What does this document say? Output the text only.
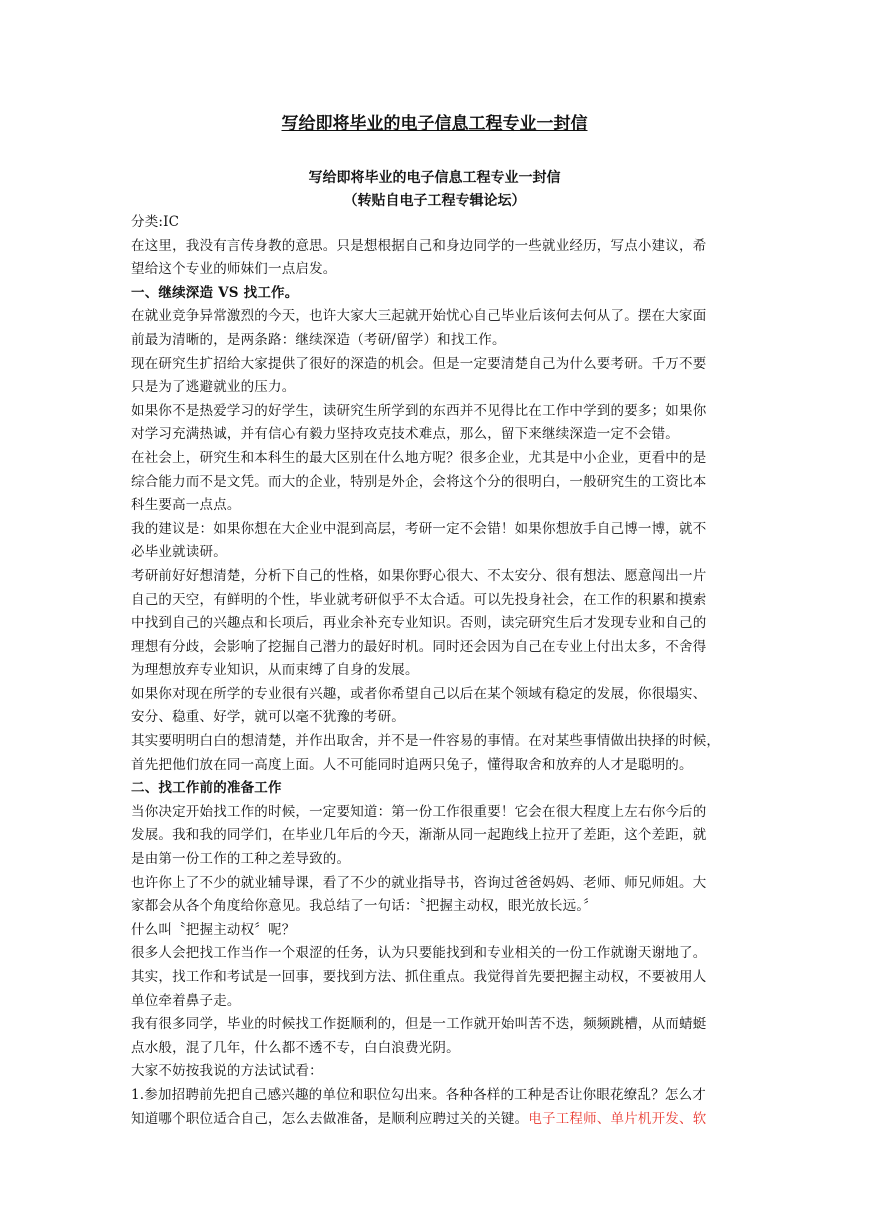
写给即将毕业的电子信息工程专业一封信
写给即将毕业的电子信息工程专业一封信
（转贴自电子工程专辑论坛）

分类:IC

在这里，我没有言传身教的意思。只是想根据自己和身边同学的一些就业经历，写点小建议，希

望给这个专业的师妹们一点启发。

一、继续深造 VS 找工作。

在就业竞争异常激烈的今天，也许大家大三起就开始忧心自己毕业后该何去何从了。摆在大家面

前最为清晰的，是两条路：继续深造（考研/留学）和找工作。

现在研究生扩招给大家提供了很好的深造的机会。但是一定要清楚自己为什么要考研。千万不要

只是为了逃避就业的压力。

如果你不是热爱学习的好学生，读研究生所学到的东西并不见得比在工作中学到的要多；如果你

对学习充满热诚，并有信心有毅力坚持攻克技术难点，那么，留下来继续深造一定不会错。

在社会上，研究生和本科生的最大区别在什么地方呢？很多企业，尤其是中小企业，更看中的是

综合能力而不是文凭。而大的企业，特别是外企，会将这个分的很明白，一般研究生的工资比本

科生要高一点点。

我的建议是：如果你想在大企业中混到高层，考研一定不会错！如果你想放手自己博一博，就不

必毕业就读研。

考研前好好想清楚，分析下自己的性格，如果你野心很大、不太安分、很有想法、愿意闯出一片

自己的天空，有鲜明的个性，毕业就考研似乎不太合适。可以先投身社会，在工作的积累和摸索

中找到自己的兴趣点和长项后，再业余补充专业知识。否则，读完研究生后才发现专业和自己的

理想有分歧，会影响了挖掘自己潜力的最好时机。同时还会因为自己在专业上付出太多，不舍得

为理想放弃专业知识，从而束缚了自身的发展。

如果你对现在所学的专业很有兴趣，或者你希望自己以后在某个领域有稳定的发展，你很塌实、

安分、稳重、好学，就可以毫不犹豫的考研。

其实要明明白白的想清楚，并作出取舍，并不是一件容易的事情。在对某些事情做出抉择的时候，

首先把他们放在同一高度上面。人不可能同时追两只兔子，懂得取舍和放弃的人才是聪明的。

二、找工作前的准备工作

当你决定开始找工作的时候，一定要知道：第一份工作很重要！它会在很大程度上左右你今后的

发展。我和我的同学们，在毕业几年后的今天，渐渐从同一起跑线上拉开了差距，这个差距，就

是由第一份工作的工种之差导致的。

也许你上了不少的就业辅导课，看了不少的就业指导书，咨询过爸爸妈妈、老师、师兄师姐。大

家都会从各个角度给你意见。我总结了一句话：〝把握主动权，眼光放长远。〞

什么叫〝把握主动权〞呢？

很多人会把找工作当作一个艰涩的任务，认为只要能找到和专业相关的一份工作就谢天谢地了。

其实，找工作和考试是一回事，要找到方法、抓住重点。我觉得首先要把握主动权，不要被用人

单位牵着鼻子走。

我有很多同学，毕业的时候找工作挺顺利的，但是一工作就开始叫苦不迭，频频跳槽，从而蜻蜓

点水般，混了几年，什么都不透不专，白白浪费光阴。

大家不妨按我说的方法试试看：

1.参加招聘前先把自己感兴趣的单位和职位勾出来。各种各样的工种是否让你眼花缭乱？怎么才

知道哪个职位适合自己，怎么去做准备，是顺利应聘过关的关键。电子工程师、单片机开发、软
